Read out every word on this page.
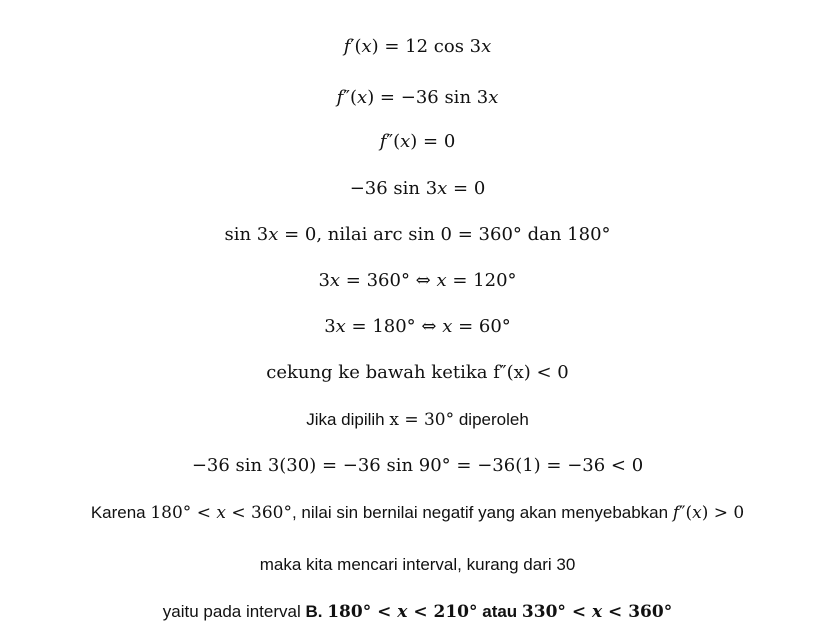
f′(x) = 12 cos 3x
f″(x) = −36 sin 3x
f″(x) = 0
−36 sin 3x = 0
sin 3x = 0, nilai arc sin 0 = 360° dan 180°
3x = 360° ⇔ x = 120°
3x = 180° ⇔ x = 60°
cekung ke bawah ketika f″(x) < 0
Jika dipilih x = 30° diperoleh
−36 sin 3(30) = −36 sin 90° = −36(1) = −36 < 0
Karena 180° < x < 360°, nilai sin bernilai negatif yang akan menyebabkan f″(x) > 0
maka kita mencari interval, kurang dari 30
yaitu pada interval B. 180° < x < 210° atau 330° < x < 360°
